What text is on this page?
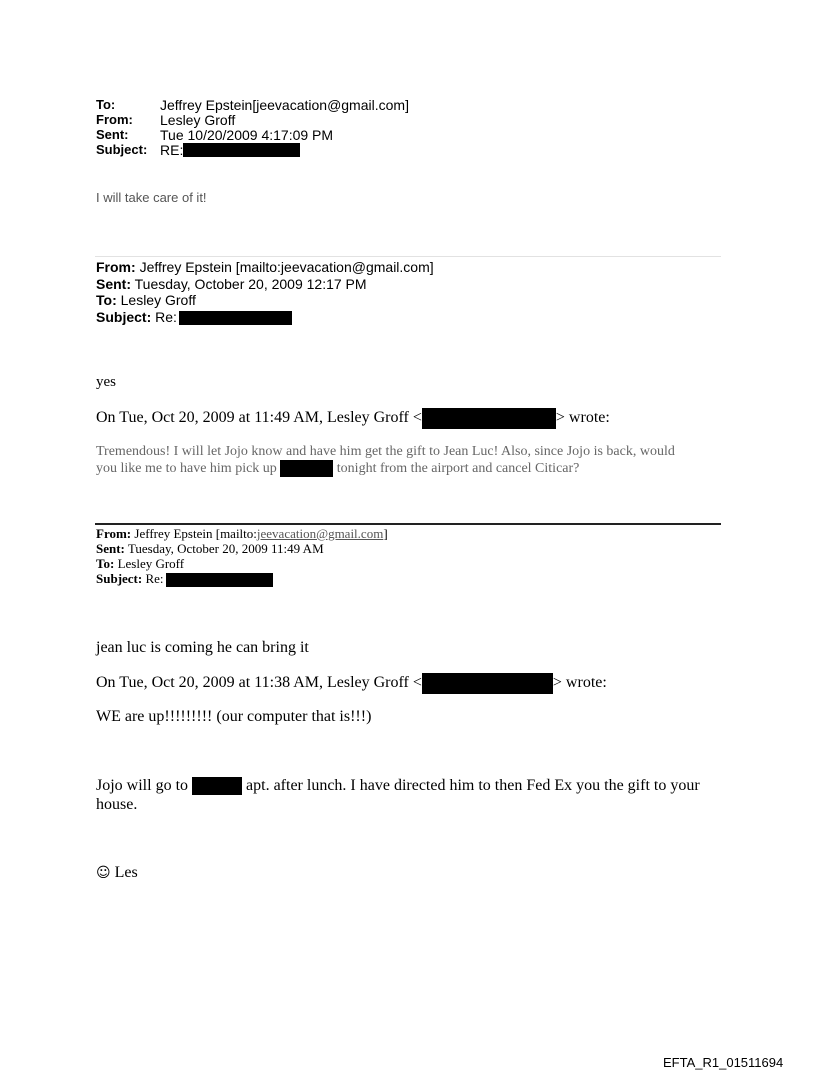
To:	Jeffrey Epstein[jeevacation@gmail.com]
From:	Lesley Groff
Sent:	Tue 10/20/2009 4:17:09 PM
Subject: RE:
I will take care of it!
From: Jeffrey Epstein [mailto:jeevacation@gmail.com]
Sent: Tuesday, October 20, 2009 12:17 PM
To: Lesley Groff
Subject: Re:
yes
On Tue, Oct 20, 2009 at 11:49 AM, Lesley Groff <	> wrote:
Tremendous! I will let Jojo know and have him get the gift to Jean Luc! Also, since Jojo is back, would
you like me to have him pick up	tonight from the airport and cancel Citicar?
From: Jeffrey Epstein [mailto:jeevacation@gmail.com]
Sent: Tuesday, October 20, 2009 11:49 AM
To: Lesley Groff
Subject: Re:
jean luc is coming he can bring it
On Tue, Oct 20, 2009 at 11:38 AM, Lesley Groff <	> wrote:
WE are up!!!!!!!!! (our computer that is!!!)
Jojo will go to	apt. after lunch. I have directed him to then Fed Ex you the gift to your
house.
☺ Les
EFTA_R1_01511694
